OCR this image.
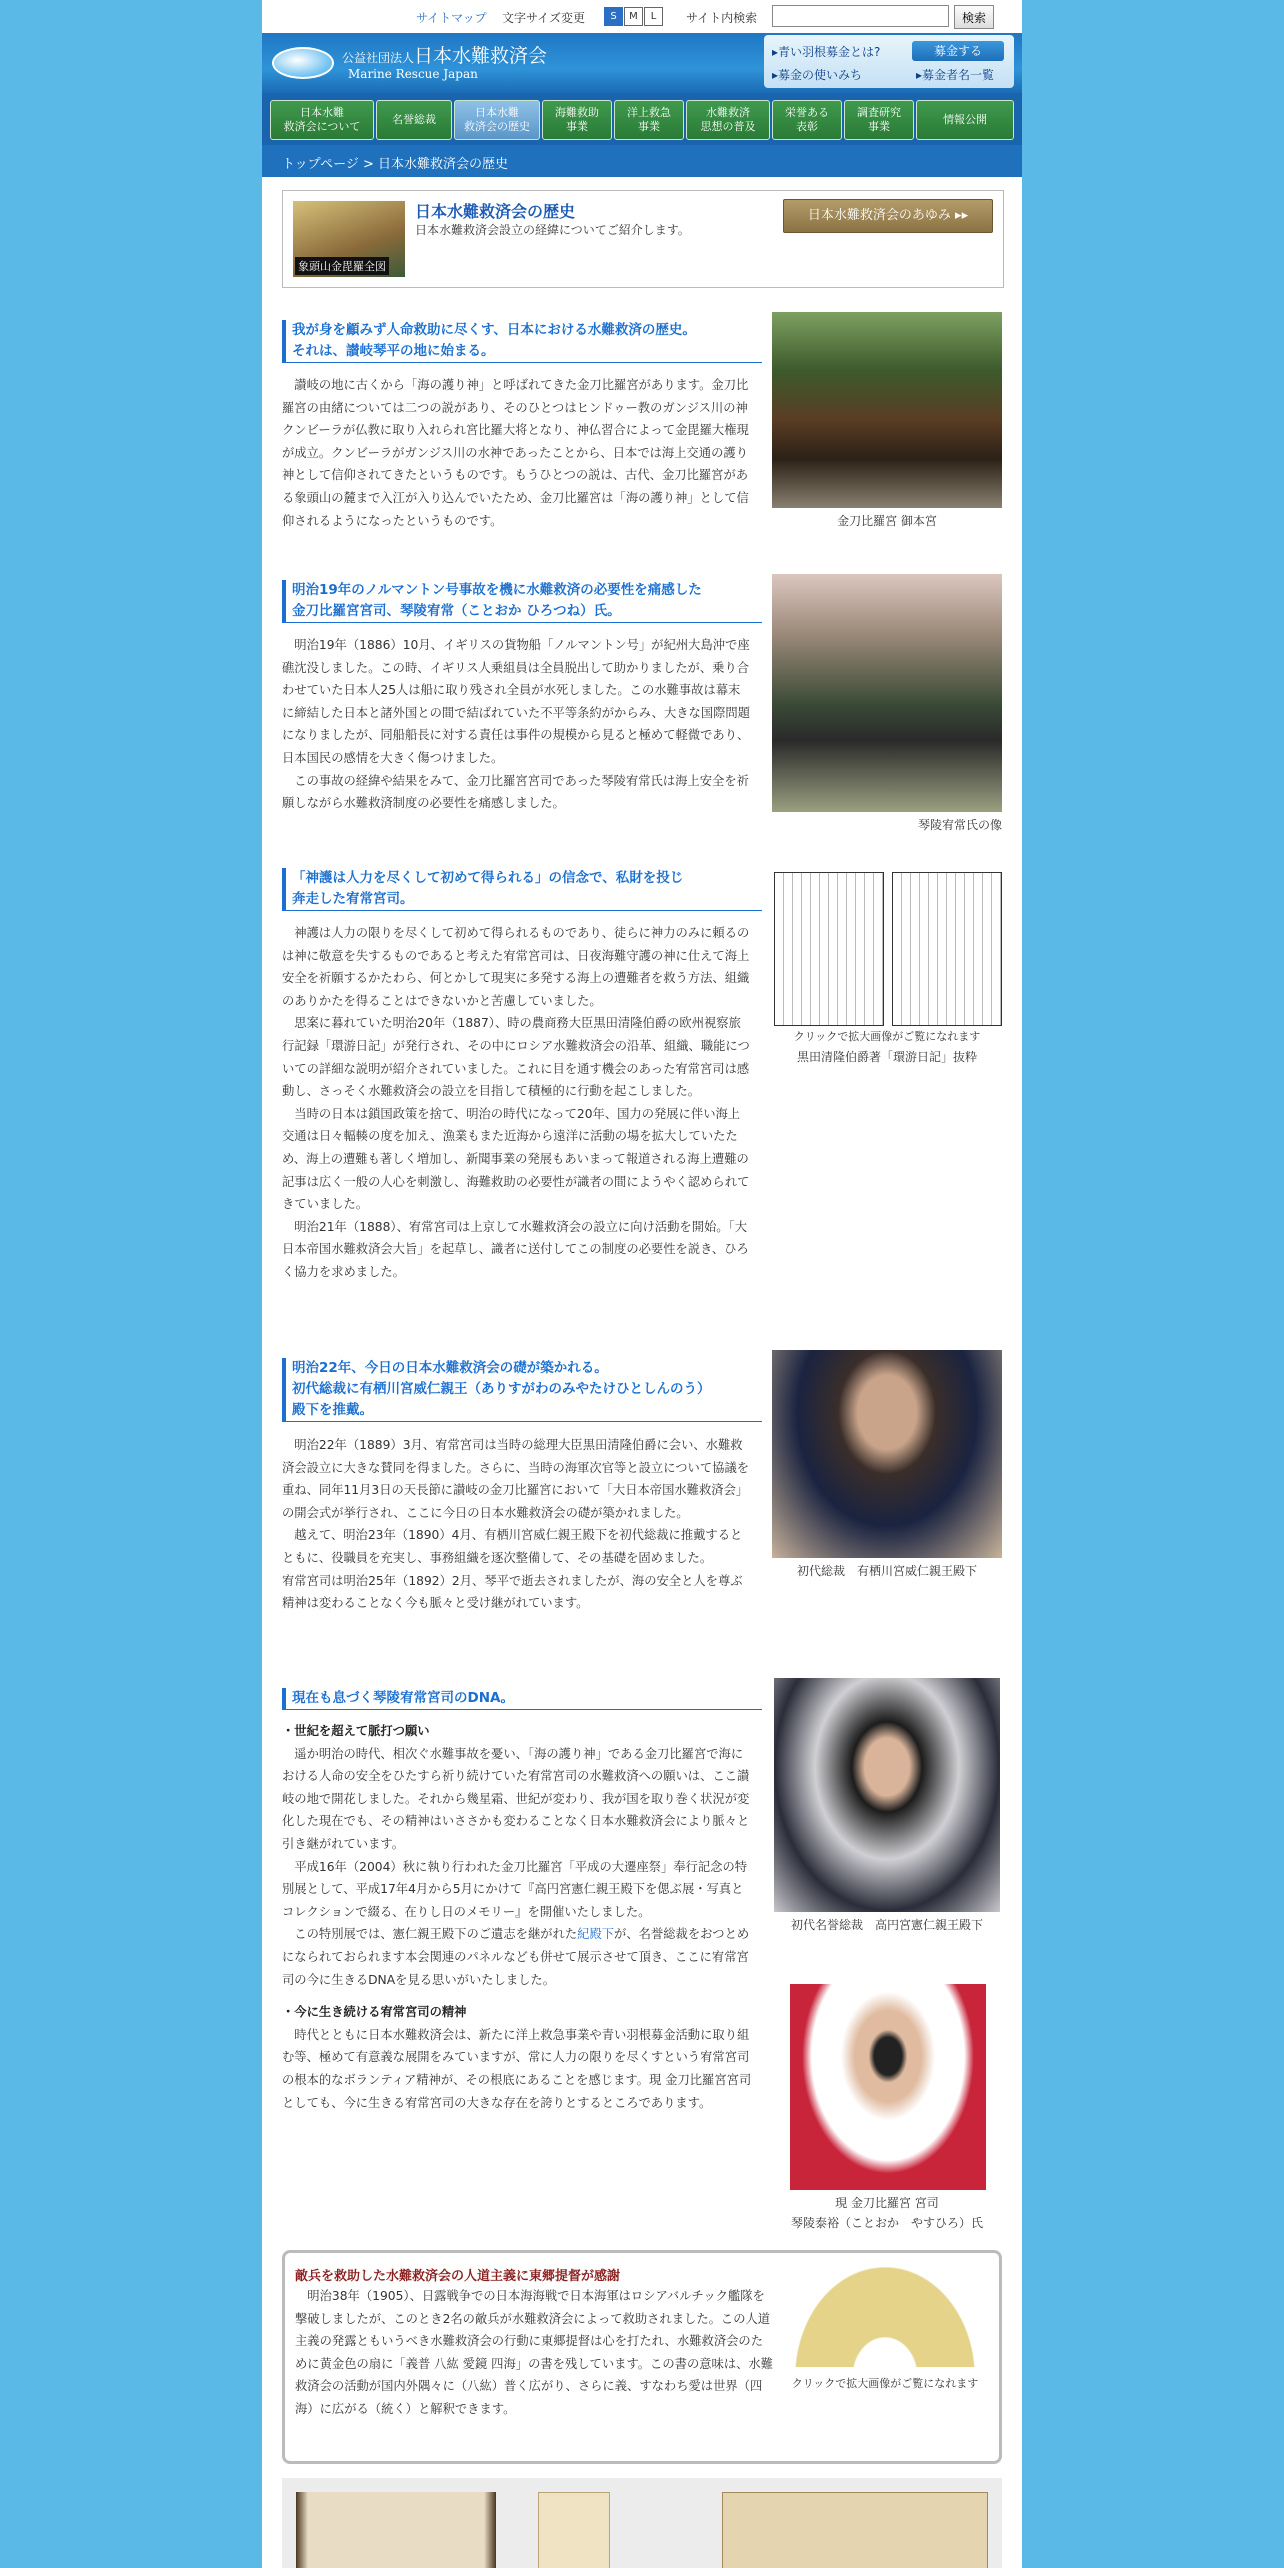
サイトマップ 文字サイズ変更	S	M	L	サイト内検索	検索
公益社団法人日本水難救済会
Marine Rescue Japan
▸青い羽根募金とは?
▸募金の使いみち
募金する
▸募金者名一覧
日本水難
救済会について
名誉総裁
日本水難
救済会の歴史
海難救助
事業
洋上救急
事業
水難救済
思想の普及
栄誉ある
表彰
調査研究
事業
情報公開
トップページ > 日本水難救済会の歴史
象頭山金毘羅全図
日本水難救済会の歴史
日本水難救済会設立の経緯についてご紹介します。
日本水難救済会のあゆみ ▸▸
我が身を顧みず人命救助に尽くす、日本における水難救済の歴史。
それは、讃岐琴平の地に始まる。

讃岐の地に古くから「海の護り神」と呼ばれてきた金刀比羅宮があります。金刀比羅宮の由緒については二つの説があり、そのひとつはヒンドゥー教のガンジス川の神クンビーラが仏教に取り入れられ宮比羅大将となり、神仏習合によって金毘羅大権現が成立。クンビーラがガンジス川の水神であったことから、日本では海上交通の護り神として信仰されてきたというものです。もうひとつの説は、古代、金刀比羅宮がある象頭山の麓まで入江が入り込んでいたため、金刀比羅宮は「海の護り神」として信仰されるようになったというものです。	金刀比羅宮 御本宮
明治19年のノルマントン号事故を機に水難救済の必要性を痛感した
金刀比羅宮宮司、琴陵宥常（ことおか ひろつね）氏。

明治19年（1886）10月、イギリスの貨物船「ノルマントン号」が紀州大島沖で座礁沈没しました。この時、イギリス人乗組員は全員脱出して助かりましたが、乗り合わせていた日本人25人は船に取り残され全員が水死しました。この水難事故は幕末に締結した日本と諸外国との間で結ばれていた不平等条約がからみ、大きな国際問題になりましたが、同船船長に対する責任は事件の規模から見ると極めて軽微であり、日本国民の感情を大きく傷つけました。

この事故の経緯や結果をみて、金刀比羅宮宮司であった琴陵宥常氏は海上安全を祈願しながら水難救済制度の必要性を痛感しました。

琴陵宥常氏の像
「神護は人力を尽くして初めて得られる」の信念で、私財を投じ
奔走した宥常宮司。

神護は人力の限りを尽くして初めて得られるものであり、徒らに神力のみに頼るのは神に敬意を失するものであると考えた宥常宮司は、日夜海難守護の神に仕えて海上安全を祈願するかたわら、何とかして現実に多発する海上の遭難者を救う方法、組織のありかたを得ることはできないかと苦慮していました。

思案に暮れていた明治20年（1887）、時の農商務大臣黒田清隆伯爵の欧州視察旅行記録「環游日記」が発行され、その中にロシア水難救済会の沿革、組織、職能についての詳細な説明が紹介されていました。これに目を通す機会のあった宥常宮司は感動し、さっそく水難救済会の設立を目指して積極的に行動を起こしました。

当時の日本は鎖国政策を捨て、明治の時代になって20年、国力の発展に伴い海上交通は日々輻輳の度を加え、漁業もまた近海から遠洋に活動の場を拡大していたため、海上の遭難も著しく増加し、新聞事業の発展もあいまって報道される海上遭難の記事は広く一般の人心を刺激し、海難救助の必要性が識者の間にようやく認められてきていました。

明治21年（1888）、宥常宮司は上京して水難救済会の設立に向け活動を開始。「大日本帝国水難救済会大旨」を起草し、識者に送付してこの制度の必要性を説き、ひろく協力を求めました。

クリックで拡大画像がご覧になれます
黒田清隆伯爵著「環游日記」抜粋
明治22年、今日の日本水難救済会の礎が築かれる。
初代総裁に有栖川宮威仁親王（ありすがわのみやたけひとしんのう）
殿下を推戴。

明治22年（1889）3月、宥常宮司は当時の総理大臣黒田清隆伯爵に会い、水難救済会設立に大きな賛同を得ました。さらに、当時の海軍次官等と設立について協議を重ね、同年11月3日の天長節に讃岐の金刀比羅宮において「大日本帝国水難救済会」の開会式が挙行され、ここに今日の日本水難救済会の礎が築かれました。

越えて、明治23年（1890）4月、有栖川宮威仁親王殿下を初代総裁に推戴するとともに、役職員を充実し、事務組織を逐次整備して、その基礎を固めました。

宥常宮司は明治25年（1892）2月、琴平で逝去されましたが、海の安全と人を尊ぶ精神は変わることなく今も脈々と受け継がれています。

初代総裁　有栖川宮威仁親王殿下
現在も息づく琴陵宥常宮司のDNA。

・世紀を超えて脈打つ願い

遥か明治の時代、相次ぐ水難事故を憂い、「海の護り神」である金刀比羅宮で海における人命の安全をひたすら祈り続けていた宥常宮司の水難救済への願いは、ここ讃岐の地で開花しました。それから幾星霜、世紀が変わり、我が国を取り巻く状況が変化した現在でも、その精神はいささかも変わることなく日本水難救済会により脈々と引き継がれています。

平成16年（2004）秋に執り行われた金刀比羅宮「平成の大遷座祭」奉行記念の特別展として、平成17年4月から5月にかけて『高円宮憲仁親王殿下を偲ぶ展・写真とコレクションで綴る、在りし日のメモリー』を開催いたしました。

この特別展では、憲仁親王殿下のご遺志を継がれた紀殿下が、名誉総裁をおつとめになられておられます本会関連のパネルなども併せて展示させて頂き、ここに宥常宮司の今に生きるDNAを見る思いがいたしました。

・今に生き続ける宥常宮司の精神

時代とともに日本水難救済会は、新たに洋上救急事業や青い羽根募金活動に取り組む等、極めて有意義な展開をみていますが、常に人力の限りを尽くすという宥常宮司の根本的なボランティア精神が、その根底にあることを感じます。現 金刀比羅宮宮司としても、今に生きる宥常宮司の大きな存在を誇りとするところであります。

初代名誉総裁　高円宮憲仁親王殿下
現 金刀比羅宮 宮司
琴陵泰裕（ことおか　やすひろ）氏
敵兵を救助した水難救済会の人道主義に東郷提督が感謝

明治38年（1905）、日露戦争での日本海海戦で日本海軍はロシアバルチック艦隊を撃破しましたが、このとき2名の敵兵が水難救済会によって救助されました。この人道主義の発露ともいうべき水難救済会の行動に東郷提督は心を打たれ、水難救済会のために黄金色の扇に「義普 八紘 愛鏡 四海」の書を残しています。この書の意味は、水難救済会の活動が国内外隅々に（八紘）普く広がり、さらに義、すなわち愛は世界（四海）に広がる（統く）と解釈できます。

クリックで拡大画像がご覧になれます
